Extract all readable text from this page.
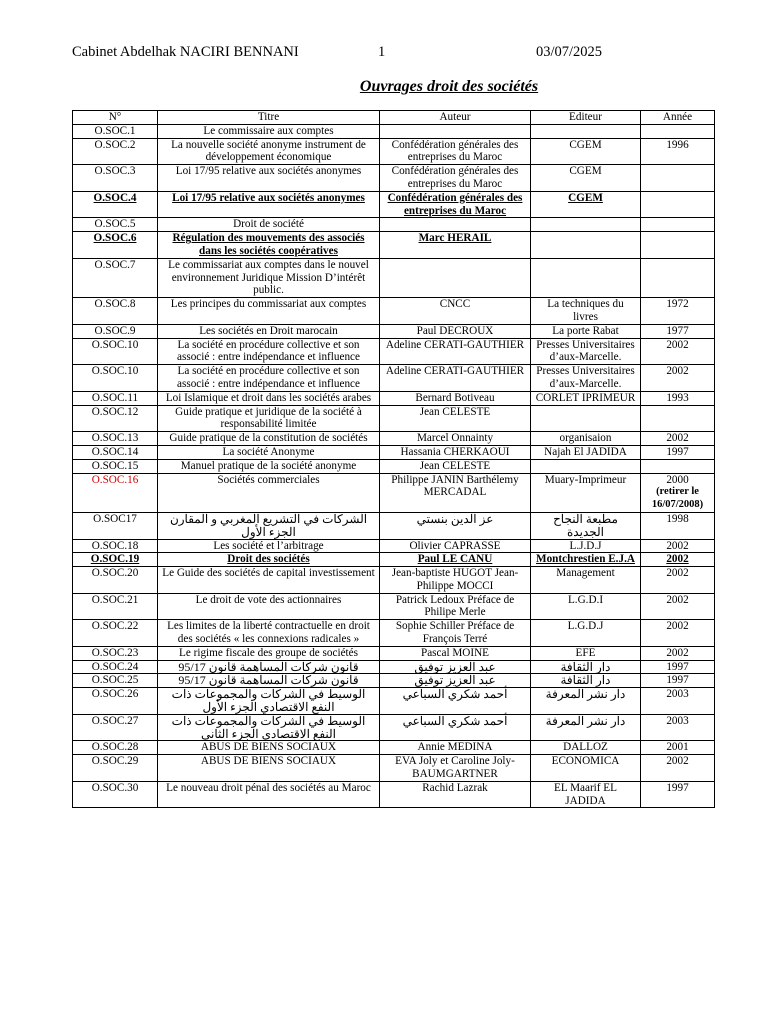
Cabinet Abdelhak NACIRI BENNANI	1	03/07/2025
Ouvrages droit des sociétés
N°	Titre	Auteur	Editeur	Année
O.SOC.1	Le commissaire aux comptes			
O.SOC.2	La nouvelle société anonyme instrument de développement économique	Confédération générales des entreprises du Maroc	CGEM	1996
O.SOC.3	Loi 17/95 relative aux sociétés anonymes	Confédération générales des entreprises du Maroc	CGEM	
O.SOC.4	Loi 17/95 relative aux sociétés anonymes	Confédération générales des entreprises du Maroc	CGEM	
O.SOC.5	Droit de société			
O.SOC.6	Régulation des mouvements des associés dans les sociétés coopératives	Marc HERAIL		
O.SOC.7	Le commissariat aux comptes dans le nouvel environnement Juridique Mission D’intérêt public.			
O.SOC.8	Les principes du commissariat aux comptes	CNCC	La techniques du livres	1972
O.SOC.9	Les sociétés en Droit marocain	Paul DECROUX	La porte Rabat	1977
O.SOC.10	La société en procédure collective et son associé : entre indépendance et influence	Adeline CERATI-GAUTHIER	Presses Universitaires d’aux-Marcelle.	2002
O.SOC.10	La société en procédure collective et son associé : entre indépendance et influence	Adeline CERATI-GAUTHIER	Presses Universitaires d’aux-Marcelle.	2002
O.SOC.11	Loi Islamique et droit dans les sociétés arabes	Bernard Botiveau	CORLET IPRIMEUR	1993
O.SOC.12	Guide pratique et juridique de la société à responsabilité limitée	Jean CELESTE		
O.SOC.13	Guide pratique de la constitution de sociétés	Marcel Onnainty	organisaion	2002
O.SOC.14	La société Anonyme	Hassania CHERKAOUI	Najah El JADIDA	1997
O.SOC.15	Manuel pratique de la société anonyme	Jean CELESTE		
O.SOC.16	Sociétés commerciales	Philippe JANIN Barthélemy MERCADAL	Muary-Imprimeur	2000
(retirer le 16/07/2008)

O.SOC17	الشركات في التشريع المغربي و المقارن الجزء الأول	عز الدين بنستي	مطبعة النجاح الجديدة	1998
O.SOC.18	Les société et l’arbitrage	Olivier CAPRASSE	L.J.D.J	2002
O.SOC.19	Droit des sociétés	Paul LE CANU	Montchrestien E.J.A	2002
O.SOC.20	Le Guide des sociétés de capital investissement	Jean-baptiste HUGOT Jean-Philippe MOCCI	Management	2002
O.SOC.21	Le droit de vote des actionnaires	Patrick Ledoux Préface de Philipe Merle	L.G.D.I	2002
O.SOC.22	Les limites de la liberté contractuelle en droit des sociétés « les connexions radicales »	Sophie Schiller Préface de François Terré	L.G.D.J	2002
O.SOC.23	Le rigime fiscale des groupe de sociétés	Pascal MOINE	EFE	2002
O.SOC.24	قانون شركات المساهمة قانون 95/17	عبد العزيز توفيق	دار الثقافة	1997
O.SOC.25	قانون شركات المساهمة قانون 95/17	عبد العزيز توفيق	دار الثقافة	1997
O.SOC.26	الوسيط في الشركات والمجموعات ذات النفع الاقتصادي الجزء الأول	أحمد شكري السباعي	دار نشر المعرفة	2003
O.SOC.27	الوسيط في الشركات والمجموعات ذات النفع الاقتصادي الجزء الثاني	أحمد شكري السباعي	دار نشر المعرفة	2003
O.SOC.28	ABUS DE BIENS SOCIAUX	Annie MEDINA	DALLOZ	2001
O.SOC.29	ABUS DE BIENS SOCIAUX	EVA Joly et Caroline Joly-BAUMGARTNER	ECONOMICA	2002
O.SOC.30	Le nouveau droit pénal des sociétés au Maroc	Rachid Lazrak	EL Maarif EL JADIDA	1997
